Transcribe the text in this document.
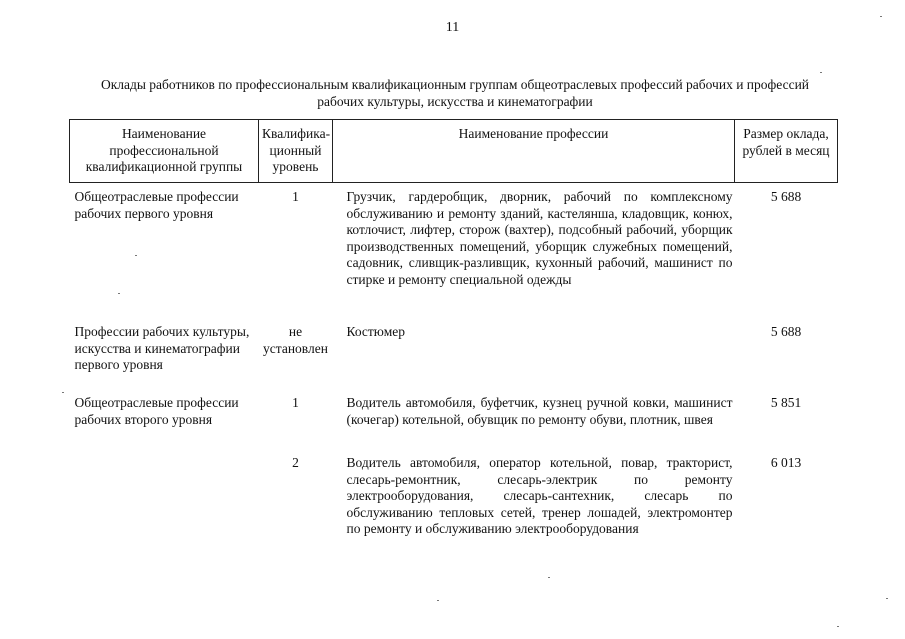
11
Оклады работников по профессиональным квалификационным группам общеотраслевых профессий рабочих и профессий рабочих культуры, искусства и кинематографии
Наименование профессиональной квалификационной группы	Квалифика-ционный уровень	Наименование профессии	Размер оклада, рублей в месяц
Общеотраслевые профессии рабочих первого уровня	1	Грузчик, гардеробщик, дворник, рабочий по комплексному обслуживанию и ремонту зданий, кастелянша, кладовщик, конюх, котлочист, лифтер, сторож (вахтер), подсобный рабочий, уборщик производственных помещений, уборщик служебных помещений, садовник, сливщик-разливщик, кухонный рабочий, машинист по стирке и ремонту специальной одежды	5 688
Профессии рабочих культуры, искусства и кинематографии первого уровня	не установлен	Костюмер	5 688
Общеотраслевые профессии рабочих второго уровня	1	Водитель автомобиля, буфетчик, кузнец ручной ковки, машинист (кочегар) котельной, обувщик по ремонту обуви, плотник, швея	5 851
	2	Водитель автомобиля, оператор котельной, повар, тракторист, слесарь-ремонтник, слесарь-электрик по ремонту электрооборудования, слесарь-сантехник, слесарь по обслуживанию тепловых сетей, тренер лошадей, электромонтер по ремонту и обслуживанию электрооборудования	6 013
